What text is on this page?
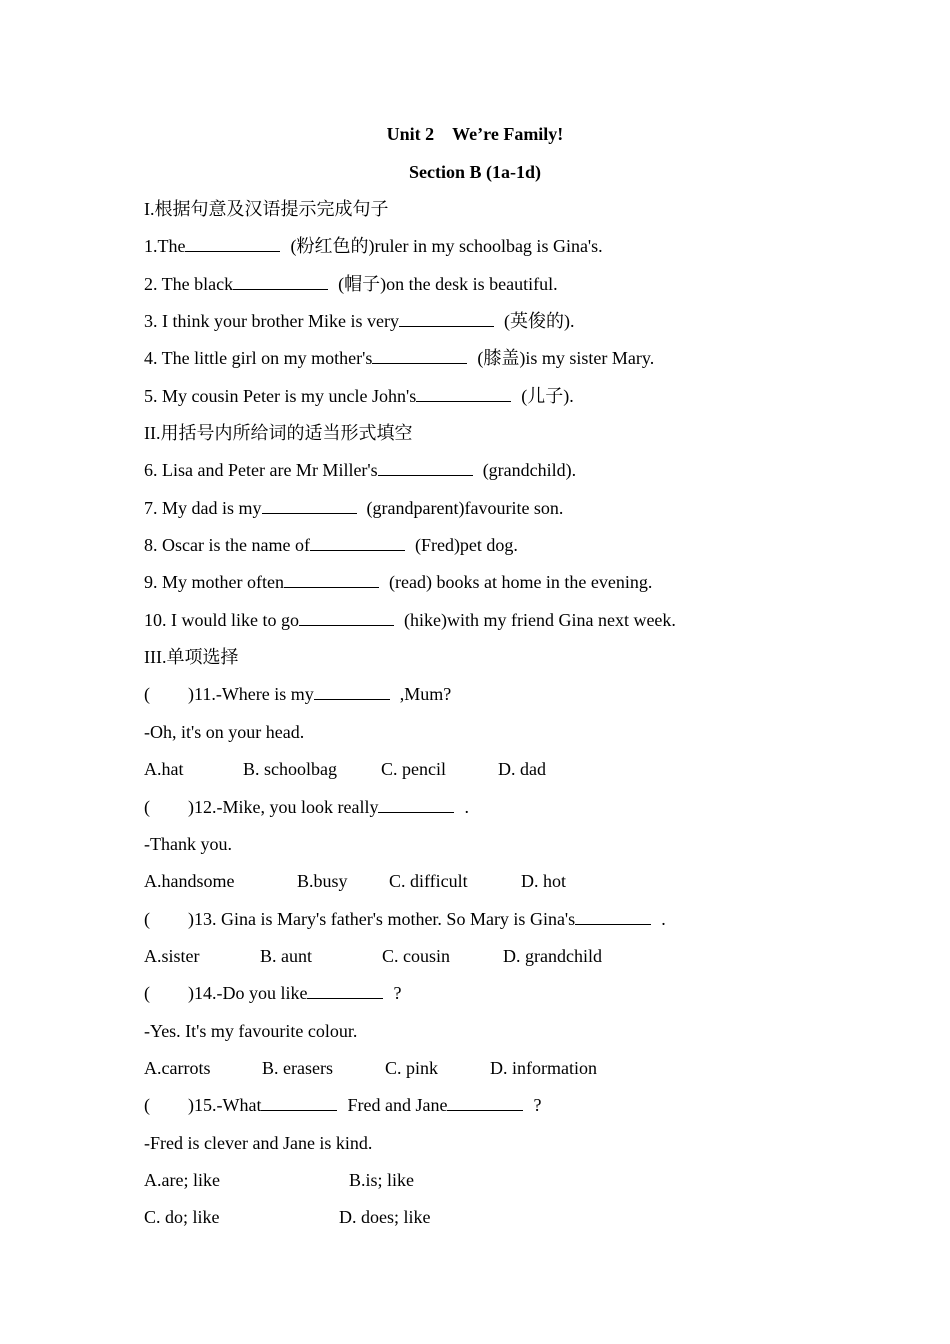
Unit 2　We’re Family!
Section B (1a-1d)
I.根据句意及汉语提示完成句子
1.The	(粉红色的)ruler in my schoolbag is Gina's.
2. The black	(帽子)on the desk is beautiful.
3. I think your brother Mike is very	(英俊的).
4. The little girl on my mother's	(膝盖)is my sister Mary.
5. My cousin Peter is my uncle John's	(儿子).
II.用括号内所给词的适当形式填空
6. Lisa and Peter are Mr Miller's	(grandchild).
7. My dad is my	(grandparent)favourite son.
8. Oscar is the name of	(Fred)pet dog.
9. My mother often	(read) books at home in the evening.
10. I would like to go	(hike)with my friend Gina next week.
III.单项选择
( )11.-Where is my	,Mum?
-Oh, it's on your head.
A.hat	B. schoolbag C. pencil	D. dad
( )12.-Mike, you look really	.
-Thank you.
A.handsome	B.busy C. difficult	D. hot
( )13. Gina is Mary's father's mother. So Mary is Gina's	.
A.sister	B. aunt	C. cousin	D. grandchild
( )14.-Do you like	?
-Yes. It's my favourite colour.
A.carrots	B. erasers	C. pink	D. information
( )15.-What	Fred and Jane	?
-Fred is clever and Jane is kind.
A.are; like	B.is; like
C. do; like	D. does; like
